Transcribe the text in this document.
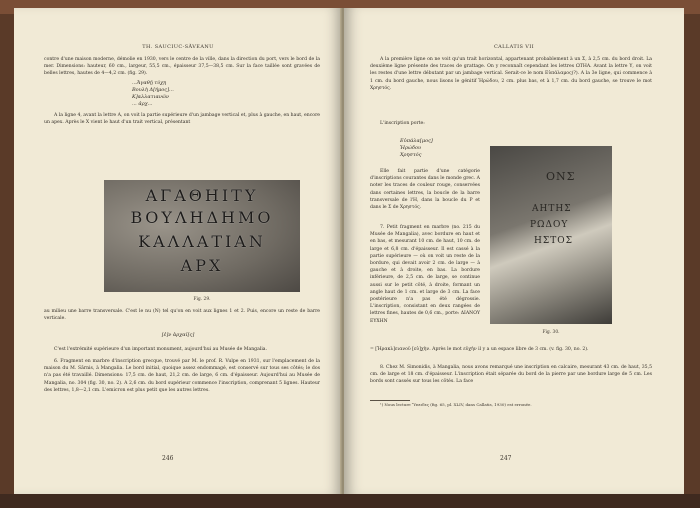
TH. SAUCIUC-SĂVEANU

contre d'une maison moderne, démolie en 1930, vers le centre de la ville, dans la direction du port, vers le bord de la mer. Dimensions: hauteur, 60 cm., largeur, 55,5 cm., épaisseur 37,5—38,5 cm. Sur la face taillée sont gravées de belles lettres, hautes de 4—4,2 cm. (fig. 29).

...Ἀγαθῇ τύχῃ
Βουλὴ Δ[ήμος]...
Κ]αλλατιανῶν
... ἀρχ...

A la ligne 4, avant la lettre A, on voit la partie supérieure d'un jambage vertical et, plus à gauche, en haut, encore un apex. Après le X vient le haut d'un trait vertical, présentant

ΑΓΑΘΗΙΤΥ
ΒΟΥΛΗΔΗΜΟ
ΚΑΛΛΑΤΙΑΝ
ΑΡΧ
Fig. 29.

au milieu une barre transversale. C'est le nu (N) tel qu'on en voit aux lignes 1 et 2. Puis, encore un reste de barre verticale.

[ἐ]ν ἀρχαῖ[ς]

C'est l'extrémité supérieure d'un important monument, aujourd'hui au Musée de Mangalia.

6. Fragment en marbre d'inscription grecque, trouvé par M. le prof. R. Vulpe en 1931, sur l'emplacement de la maison du M. Sărnis, à Mangalia. Le bord initial, quoique assez endommagé, est conservé sur tous ses côtés; le dos n'a pas été travaillé. Dimensions: 17,5 cm. de haut, 21,2 cm. de large, 6 cm. d'épaisseur. Aujourd'hui au Musée de Mangalia, no. 304 (fig. 30, no. 2). A 2,6 cm. du bord supérieur commence l'inscription, comprenant 5 lignes. Hauteur des lettres, 1,8—2,1 cm. L'emicron est plus petit que les autres lettres.

246
CALLATIS VII

A la première ligne on ne voit qu'un trait horizontal, appartenant probablement à un Σ, à 2,5 cm. du bord droit. La deuxième ligne présente des traces de grattage. On y reconnaît cependant les lettres ΩΤΗΑ. Avant la lettre Υ, on voit les restes d'une lettre débutant par un jambage vertical. Serait-ce le nom Εὐπάλαμος(?). A la 3e ligne, qui commence à 1 cm. du bord gauche, nous lisons le génitif Ἡρώδου, 2 cm. plus bas, et à 1,7 cm. du bord gauche, se trouve le mot Χρηστός.

L'inscription porte:

Εὐπάλα[μος]
Ἡρώδου
Χρηστός

Elle fait partie d'une catégorie d'inscriptions courantes dans le monde grec. A noter les traces de couleur rouge, conservées dans certaines lettres, la boucle de la barre transversale de l'H, dans la boucle du P et dans le Σ de Χρηστός.

7. Petit fragment en marbre (no. 215 du Musée de Mangalia), avec bordure en haut et en bas, et mesurant 10 cm. de haut, 10 cm. de large et 6,8 cm. d'épaisseur. Il est cassé à la partie supérieure — où on voit un reste de la bordure, qui devait avoir 2 cm. de large — à gauche et à droite, en bas. La bordure inférieure, de 2,5 cm. de large, se continue aussi sur le petit côté, à droite, formant un angle haut de 1 cm. et large de 3 cm. La face postérieure n'a pas été dégrossie. L'inscription, consistant en deux rangées de lettres fines, hautes de 0,6 cm., porte: ΔΙΑΝΟΥ ΕΥΧΗΝ

ΟΝΣ
ΑΗΤΗΣ
ΡΩΔΟΥ
ΗΣΤΟΣ
Fig. 30.

= [Ἡρακλ]ειανοῦ [εὐ]χὴν. Après le mot εὐχὴν il y a un espace libre de 3 cm. (v. fig. 30, no. 2).

8. Chez M. Simonidis, à Mangalia, nous avons remarqué une inscription en calcaire, mesurant 43 cm. de haut, 35,5 cm. de large et 18 cm. d'épaisseur. L'inscription était séparée du bord de la pierre par une bordure large de 5 cm. Les bords sont cassés sur tous les côtés. La face

¹) Nous lecture Ὕπειδες (fig. 65, pl. XLIV, dans Callatis, 1930) est erronée.
247
